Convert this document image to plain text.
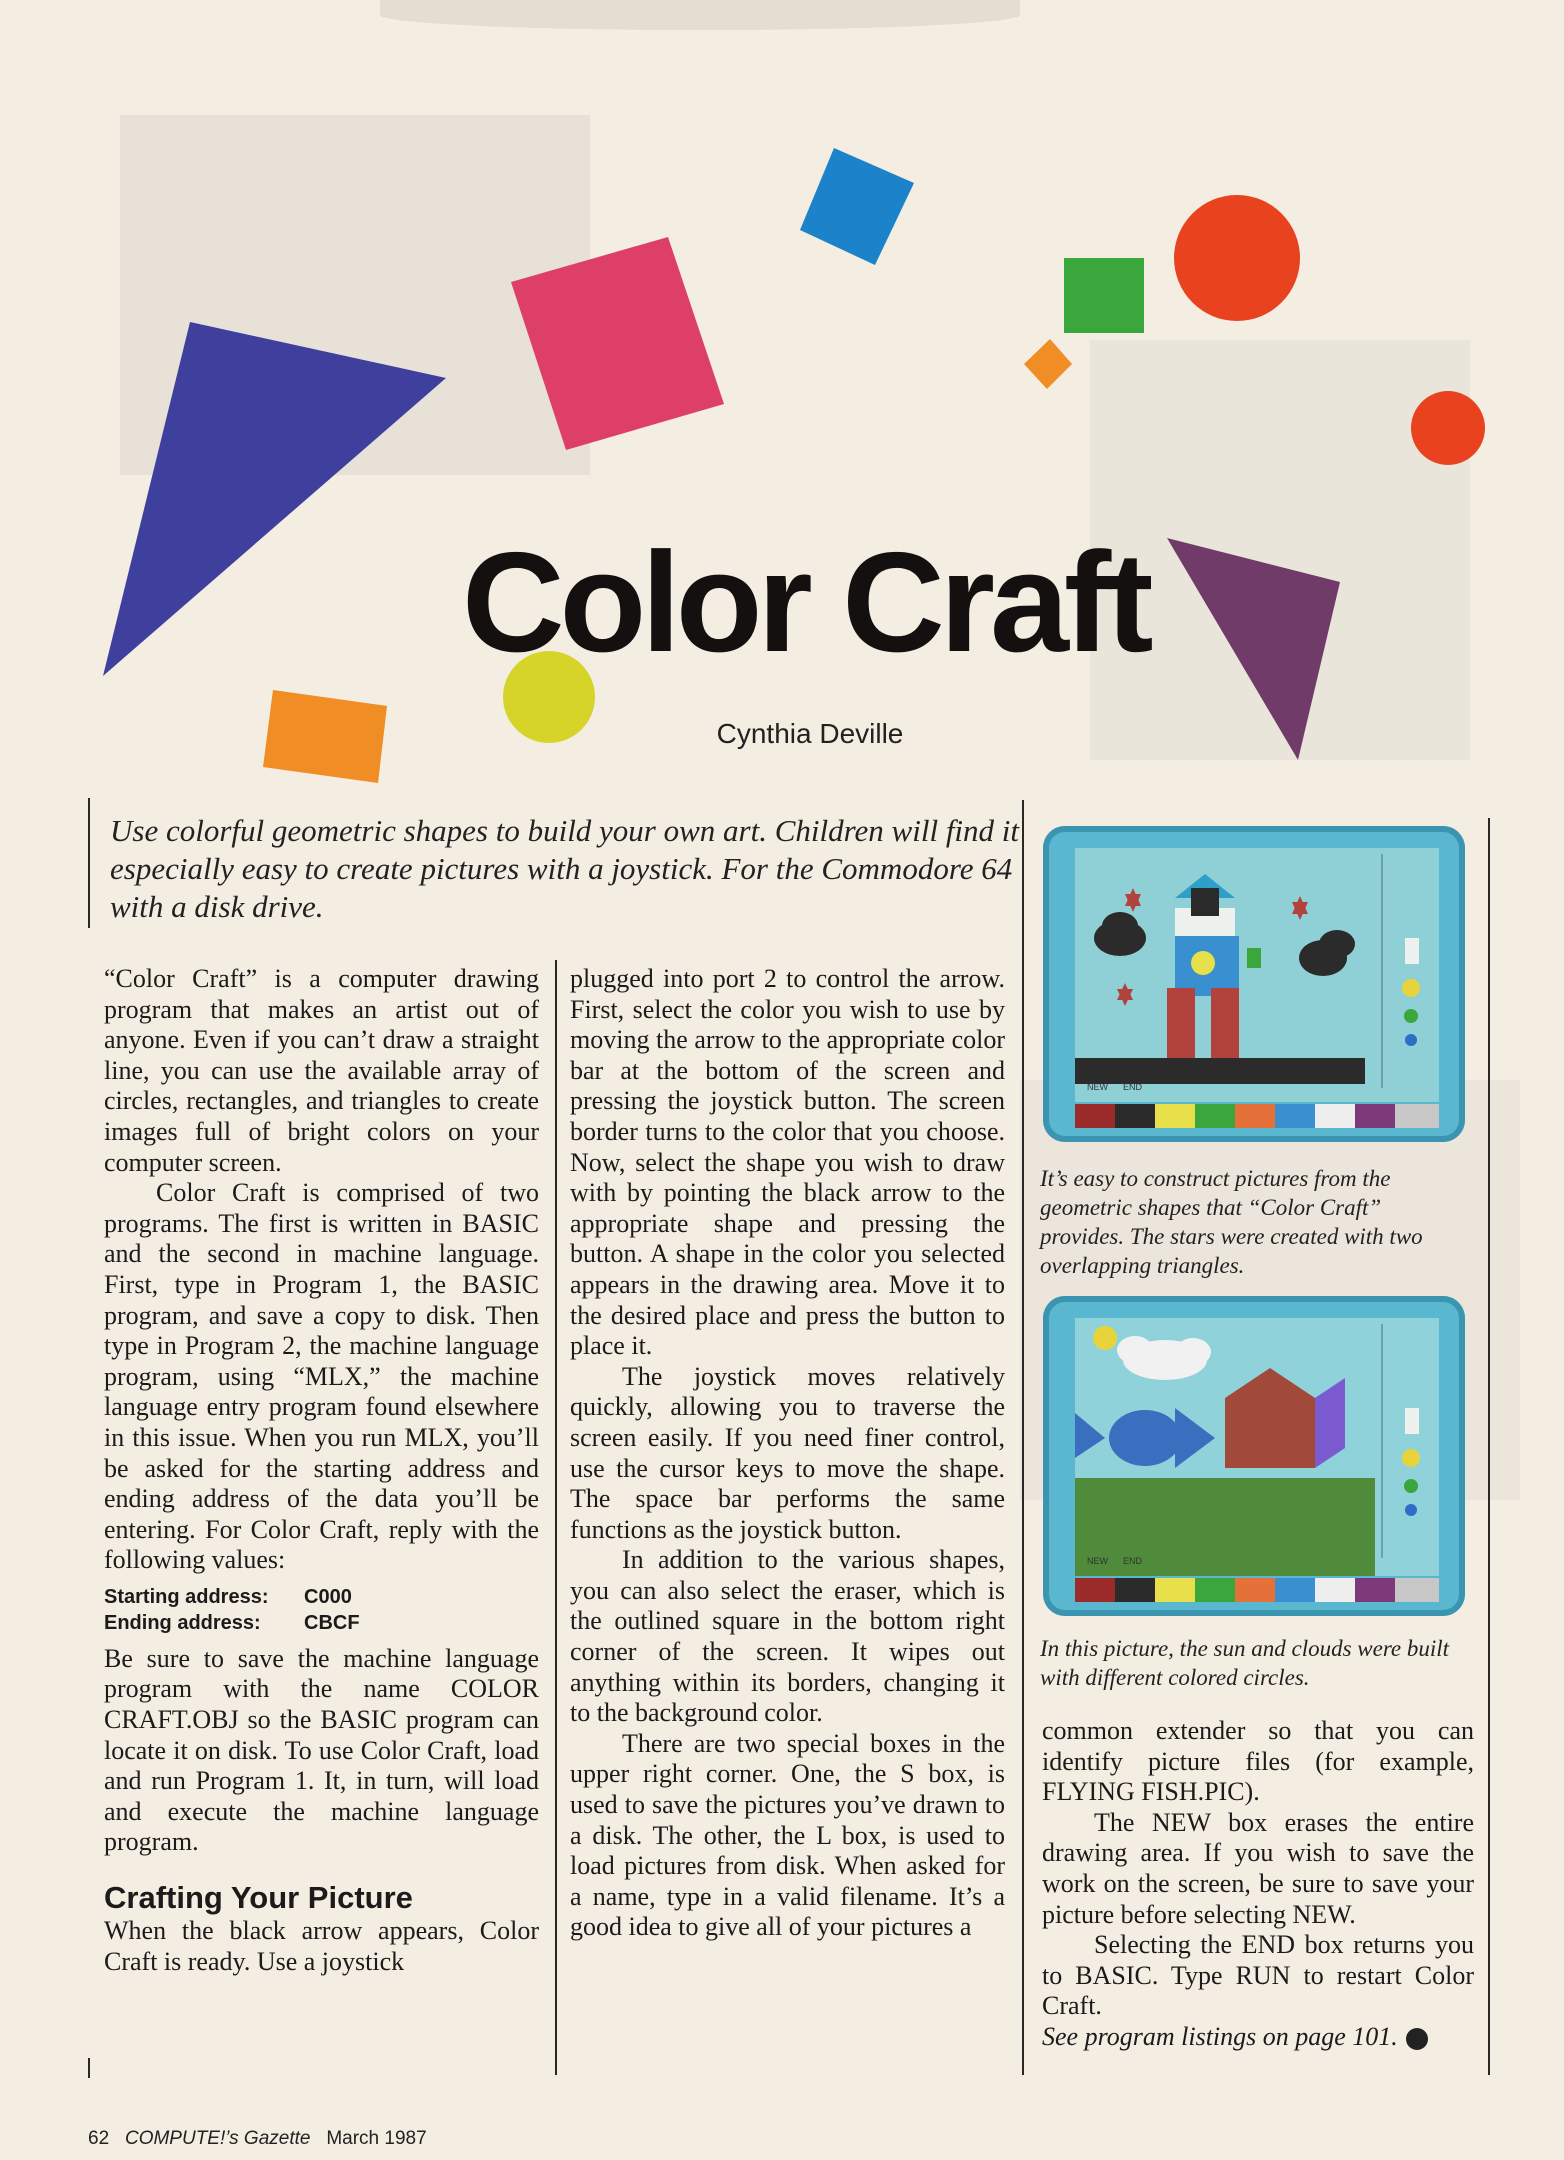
Color Craft
Cynthia Deville
Use colorful geometric shapes to build your own art. Children will find it especially easy to create pictures with a joystick. For the Commodore 64 with a disk drive.

“Color Craft” is a computer drawing program that makes an artist out of anyone. Even if you can’t draw a straight line, you can use the available array of circles, rectangles, and triangles to create images full of bright colors on your computer screen.

Color Craft is comprised of two programs. The first is written in BASIC and the second in machine language. First, type in Program 1, the BASIC program, and save a copy to disk. Then type in Program 2, the machine language program, using “MLX,” the machine language entry program found elsewhere in this issue. When you run MLX, you’ll be asked for the starting address and ending address of the data you’ll be entering. For Color Craft, reply with the following values:

Starting address: C000
Ending address: CBCF

Be sure to save the machine language program with the name COLOR CRAFT.OBJ so the BASIC program can locate it on disk. To use Color Craft, load and run Program 1. It, in turn, will load and execute the machine language program.

Crafting Your Picture

When the black arrow appears, Color Craft is ready. Use a joystick

plugged into port 2 to control the arrow. First, select the color you wish to use by moving the arrow to the appropriate color bar at the bottom of the screen and pressing the joystick button. The screen border turns to the color that you choose. Now, select the shape you wish to draw with by pointing the black arrow to the appropriate shape and pressing the button. A shape in the color you selected appears in the drawing area. Move it to the desired place and press the button to place it.

The joystick moves relatively quickly, allowing you to traverse the screen easily. If you need finer control, use the cursor keys to move the shape. The space bar performs the same functions as the joystick button.

In addition to the various shapes, you can also select the eraser, which is the outlined square in the bottom right corner of the screen. It wipes out anything within its borders, changing it to the background color.

There are two special boxes in the upper right corner. One, the S box, is used to save the pictures you’ve drawn to a disk. The other, the L box, is used to load pictures from disk. When asked for a name, type in a valid filename. It’s a good idea to give all of your pictures a

NEW END
It’s easy to construct pictures from the geometric shapes that “Color Craft” provides. The stars were created with two overlapping triangles.
NEW END
In this picture, the sun and clouds were built with different colored circles.

common extender so that you can identify picture files (for example, FLYING FISH.PIC).

The NEW box erases the entire drawing area. If you wish to save the work on the screen, be sure to save your picture before selecting NEW.

Selecting the END box returns you to BASIC. Type RUN to restart Color Craft.

See program listings on page 101.

62 COMPUTE!’s Gazette March 1987
